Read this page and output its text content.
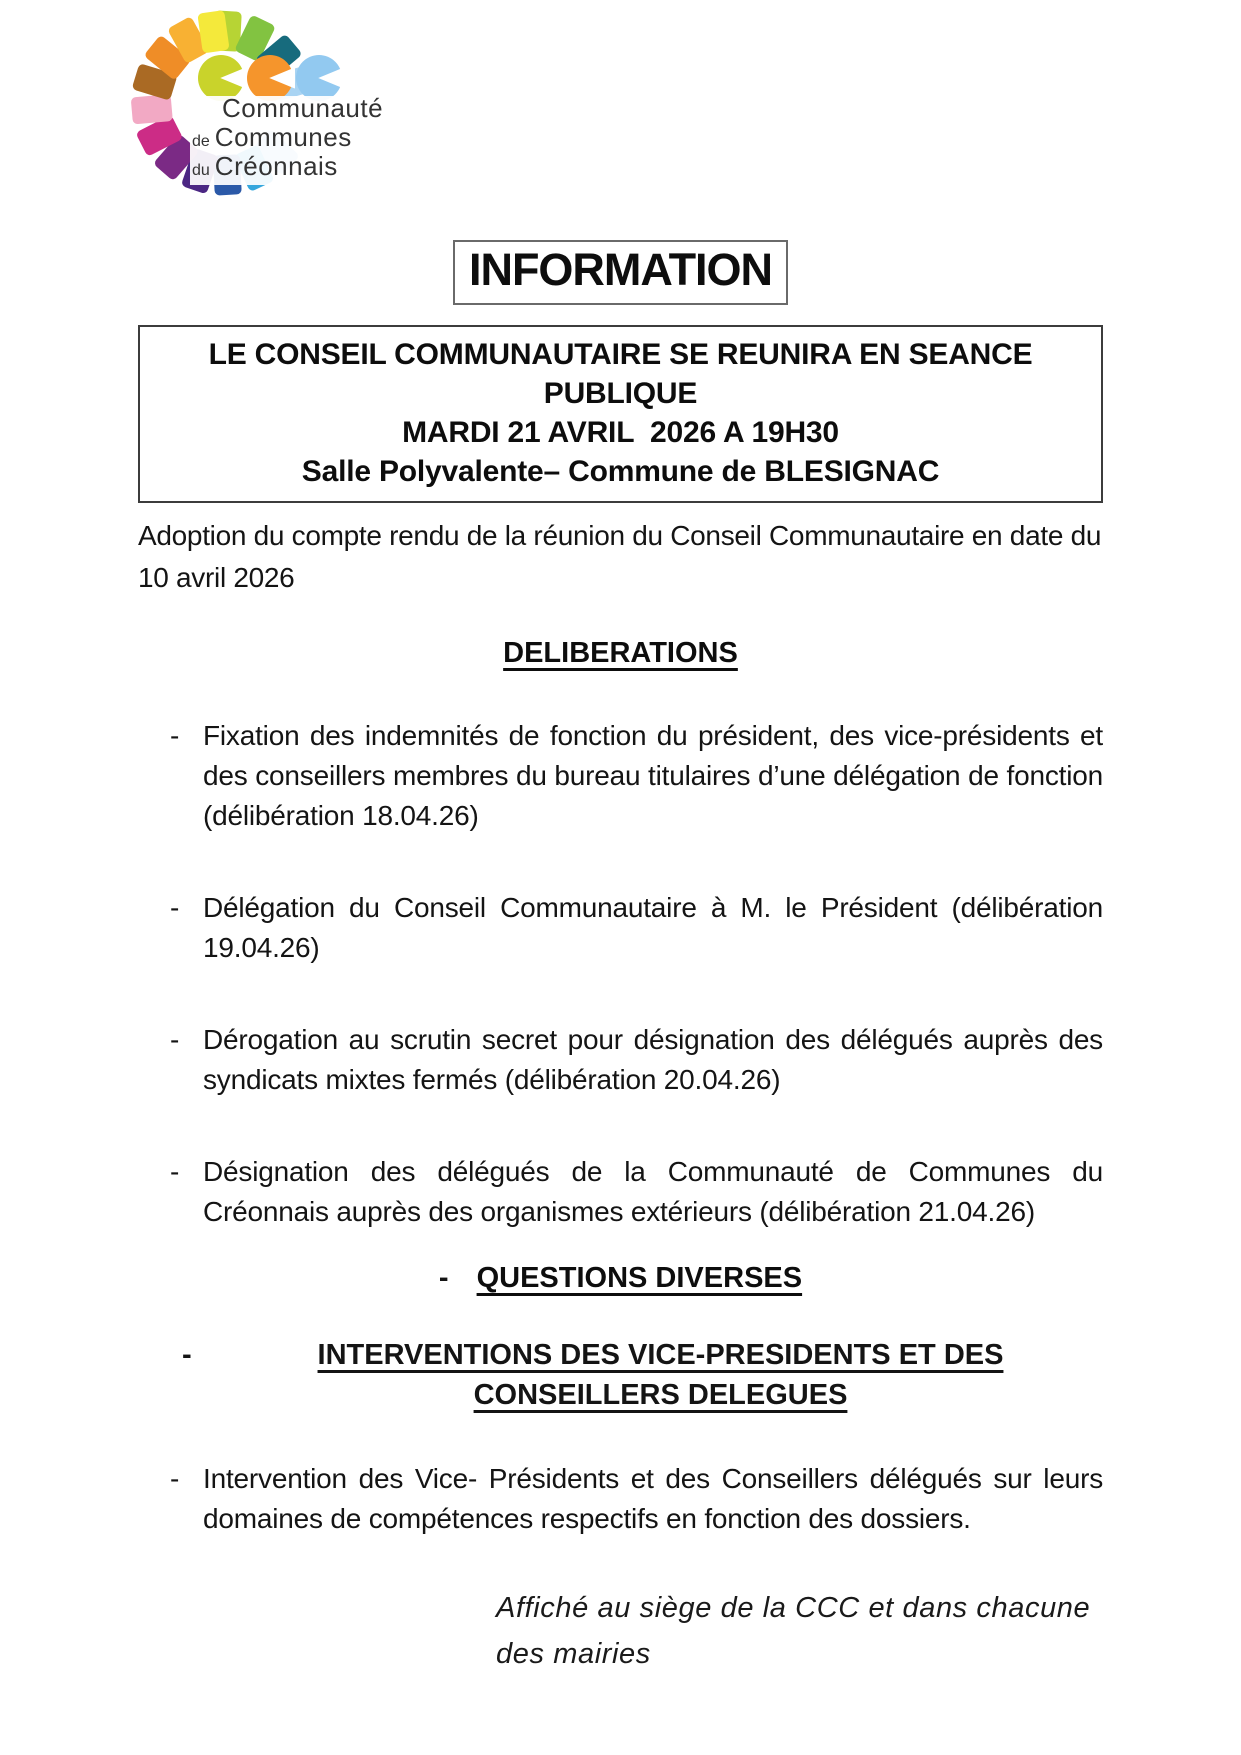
Communauté
de Communes
du Créonnais
INFORMATION
LE CONSEIL COMMUNAUTAIRE SE REUNIRA EN SEANCE PUBLIQUE
MARDI 21 AVRIL  2026 A 19H30
Salle Polyvalente– Commune de BLESIGNAC
Adoption du compte rendu de la réunion du Conseil Communautaire en date du 10 avril 2026
DELIBERATIONS
- Fixation des indemnités de fonction du président, des vice-présidents et des conseillers membres du bureau titulaires d’une délégation de fonction (délibération 18.04.26)
- Délégation du Conseil Communautaire à M. le Président (délibération 19.04.26)
- Dérogation au scrutin secret pour désignation des délégués auprès des syndicats mixtes fermés (délibération 20.04.26)
- Désignation des délégués de la Communauté de Communes du Créonnais auprès des organismes extérieurs (délibération 21.04.26)
- QUESTIONS DIVERSES
-	INTERVENTIONS DES VICE-PRESIDENTS ET DES CONSEILLERS DELEGUES
- Intervention des Vice- Présidents et des Conseillers délégués sur leurs domaines de compétences respectifs en fonction des dossiers.
Affiché au siège de la CCC et dans chacune
des mairies
